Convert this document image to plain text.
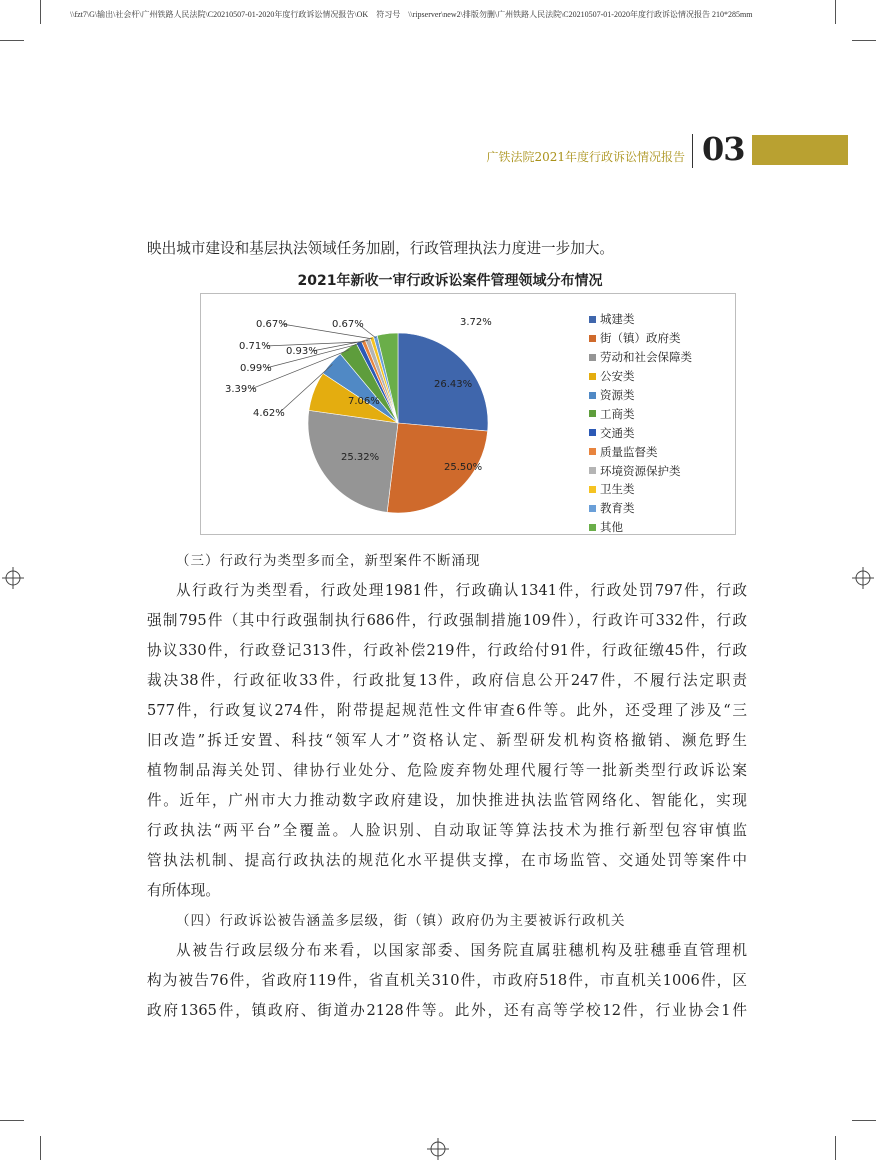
\\fzt7\G\输出\社会杆\广州铁路人民法院\C20210507-01-2020年度行政诉讼情况报告\OK　符习号　\\ripserver\new2\排版勿删\广州铁路人民法院\C20210507-01-2020年度行政诉讼情况报告 210*285mm
广铁法院2021年度行政诉讼情况报告 03

映出城市建设和基层执法领域任务加剧，行政管理执法力度进一步加大。

2021年新收一审行政诉讼案件管理领域分布情况
26.43%
25.50%
25.32%
7.06%
4.62%
3.39%
0.99%
0.71% 0.93%
0.67%	0.67%	3.72%	城建类
街（镇）政府类
劳动和社会保障类
公安类
资源类
工商类
交通类
质量监督类
环境资源保护类
卫生类
教育类
其他

（三）行政行为类型多而全，新型案件不断涌现

从行政行为类型看，行政处理1981件，行政确认1341件，行政处罚797件，行政

强制795件（其中行政强制执行686件，行政强制措施109件），行政许可332件，行政

协议330件，行政登记313件，行政补偿219件，行政给付91件，行政征缴45件，行政

裁决38件，行政征收33件，行政批复13件，政府信息公开247件，不履行法定职责

577件，行政复议274件，附带提起规范性文件审查6件等。此外，还受理了涉及“三

旧改造”拆迁安置、科技“领军人才”资格认定、新型研发机构资格撤销、濒危野生

植物制品海关处罚、律协行业处分、危险废弃物处理代履行等一批新类型行政诉讼案

件。近年，广州市大力推动数字政府建设，加快推进执法监管网络化、智能化，实现

行政执法“两平台”全覆盖。人脸识别、自动取证等算法技术为推行新型包容审慎监

管执法机制、提高行政执法的规范化水平提供支撑，在市场监管、交通处罚等案件中

有所体现。

（四）行政诉讼被告涵盖多层级，街（镇）政府仍为主要被诉行政机关

从被告行政层级分布来看，以国家部委、国务院直属驻穗机构及驻穗垂直管理机

构为被告76件，省政府119件，省直机关310件，市政府518件，市直机关1006件，区

政府1365件，镇政府、街道办2128件等。此外，还有高等学校12件，行业协会1件
